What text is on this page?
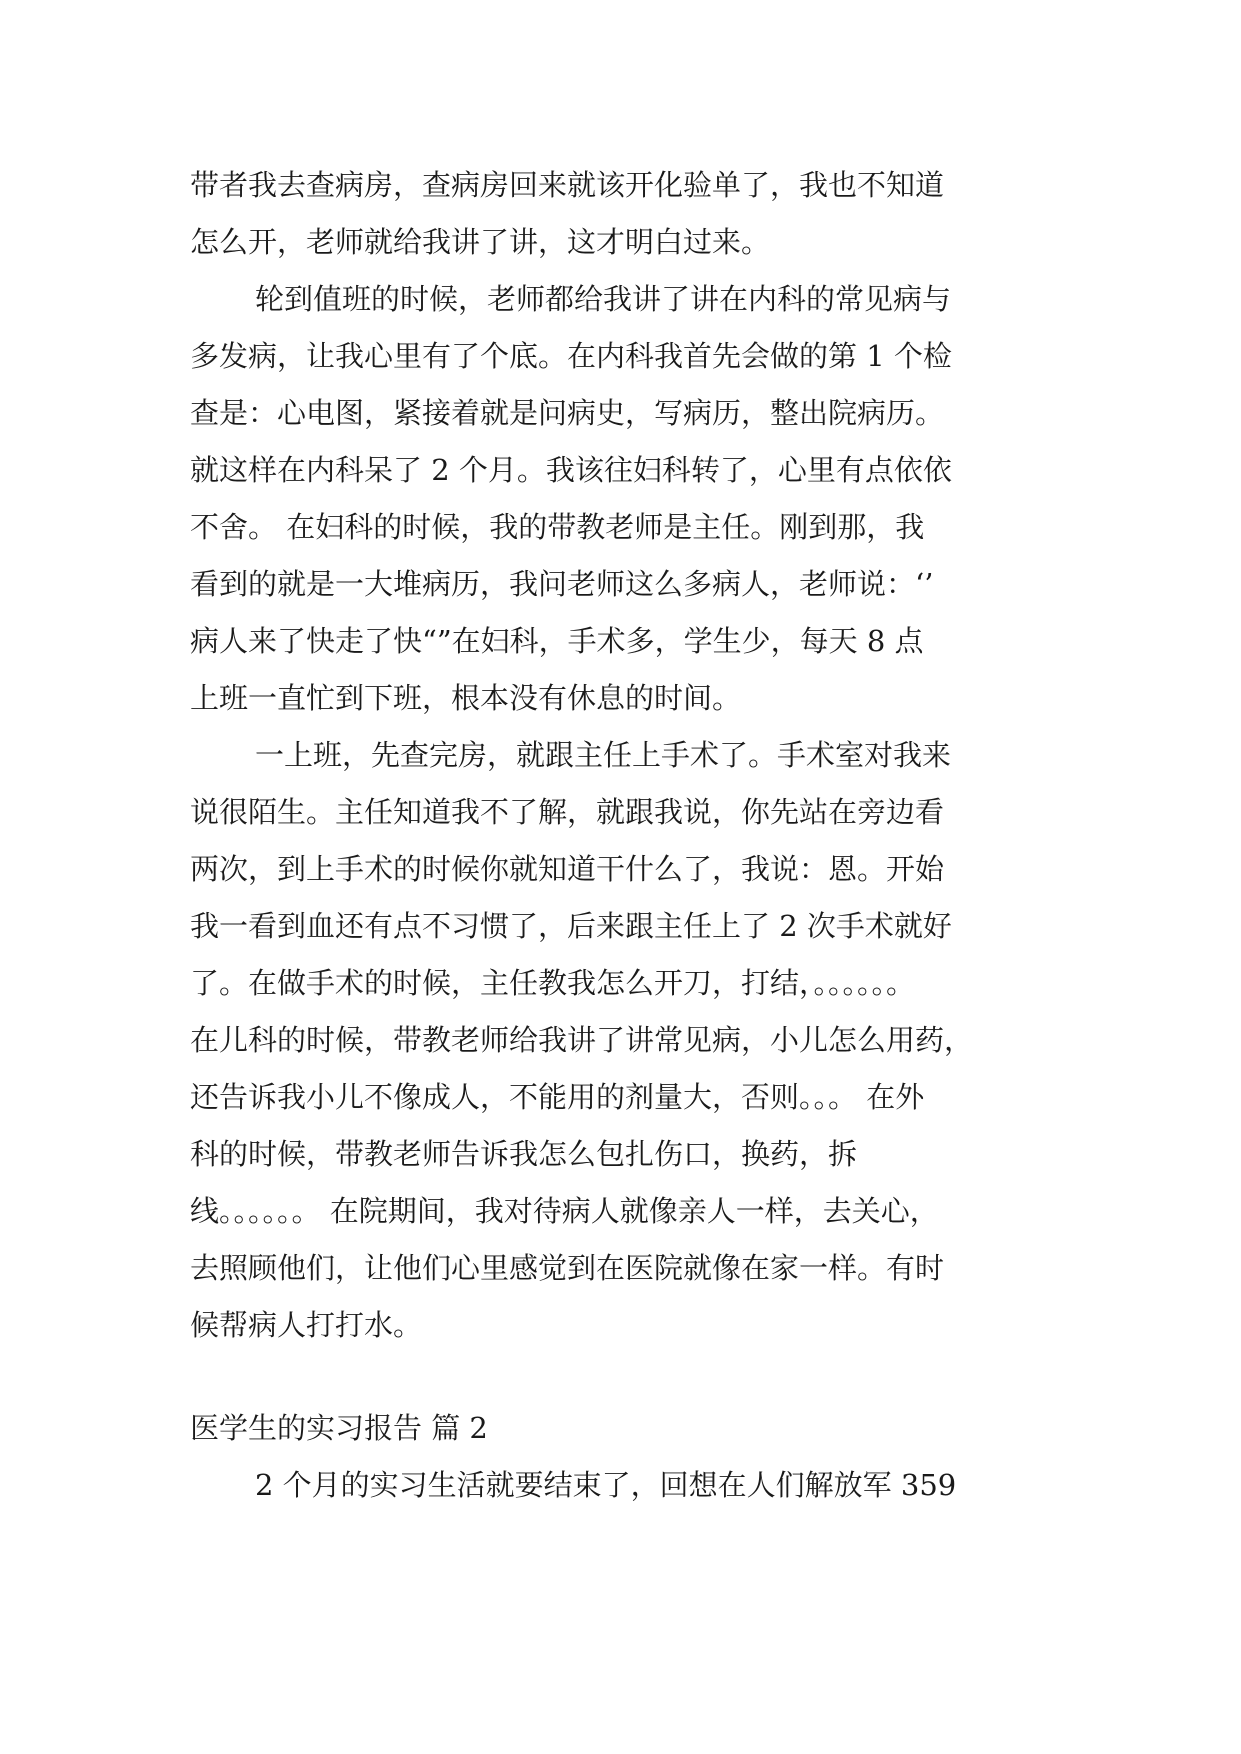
带者我去查病房，查病房回来就该开化验单了，我也不知道
怎么开，老师就给我讲了讲，这才明白过来。

轮到值班的时候，老师都给我讲了讲在内科的常见病与
多发病，让我心里有了个底。在内科我首先会做的第 1 个检
查是：心电图，紧接着就是问病史，写病历，整出院病历。
就这样在内科呆了 2 个月。我该往妇科转了，心里有点依依
不舍。 在妇科的时候，我的带教老师是主任。刚到那，我
看到的就是一大堆病历，我问老师这么多病人，老师说：‘’
病人来了快走了快“”在妇科，手术多，学生少，每天 8 点
上班一直忙到下班，根本没有休息的时间。

一上班，先查完房，就跟主任上手术了。手术室对我来
说很陌生。主任知道我不了解，就跟我说，你先站在旁边看
两次，到上手术的时候你就知道干什么了，我说：恩。开始
我一看到血还有点不习惯了，后来跟主任上了 2 次手术就好
了。在做手术的时候，主任教我怎么开刀，打结，。。。。。。
在儿科的时候，带教老师给我讲了讲常见病，小儿怎么用药，
还告诉我小儿不像成人，不能用的剂量大，否则。。。 在外
科的时候，带教老师告诉我怎么包扎伤口，换药，拆
线。。。。。。 在院期间，我对待病人就像亲人一样，去关心，
去照顾他们，让他们心里感觉到在医院就像在家一样。有时
候帮病人打打水。

医学生的实习报告 篇 2

2 个月的实习生活就要结束了，回想在人们解放军 359
